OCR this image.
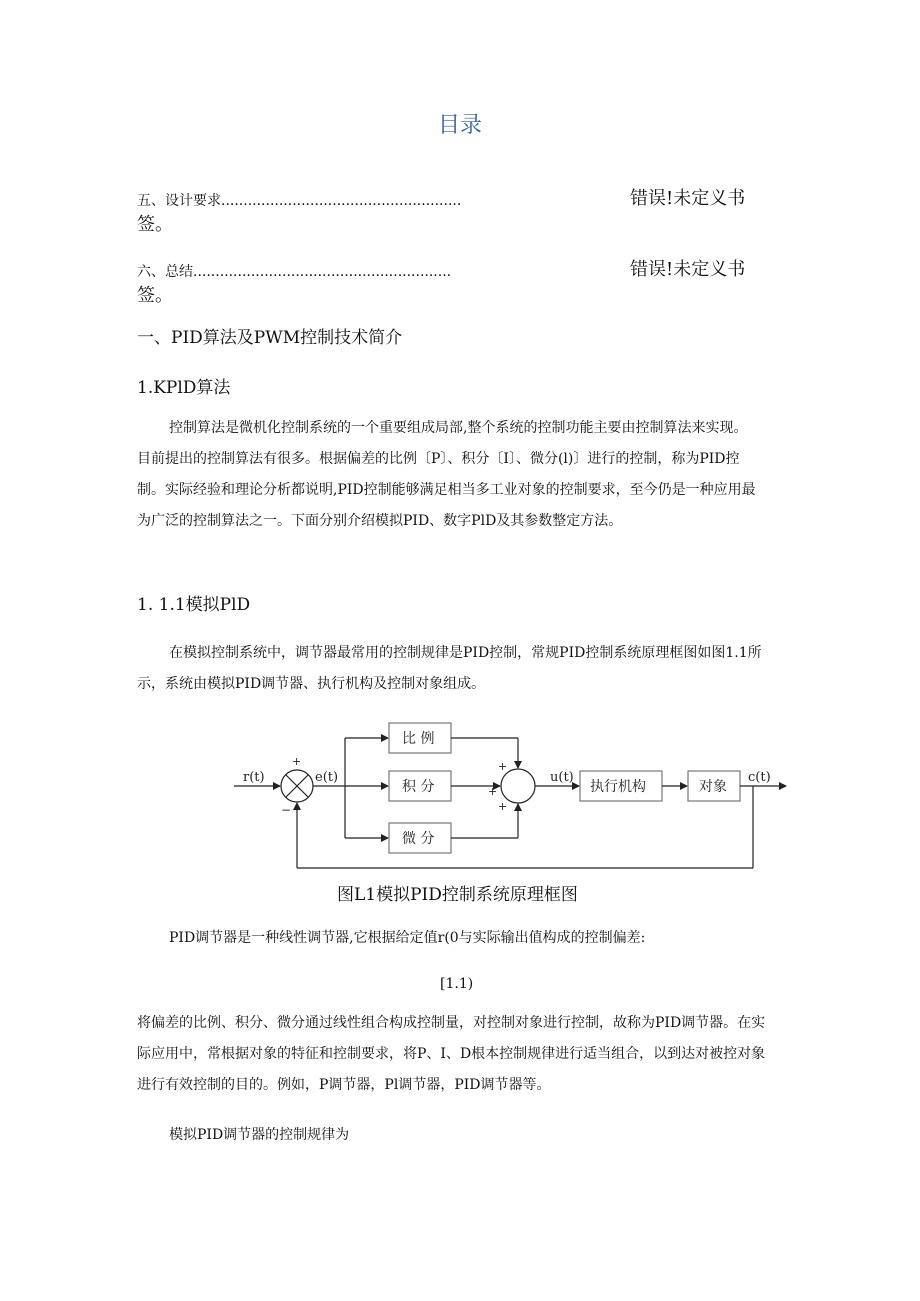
目录
五、设计要求......................................................	错误!未定义书
签。
六、总结..........................................................	错误!未定义书
签。
一、PID算法及PWM控制技术简介
1.KPlD算法

控制算法是微机化控制系统的一个重要组成局部,整个系统的控制功能主要由控制算法来实现。

目前提出的控制算法有很多。根据偏差的比例〔P〕、积分〔I〕、微分(l)〕进行的控制，称为PID控

制。实际经验和理论分析都说明,PID控制能够满足相当多工业对象的控制要求，至今仍是一种应用最

为广泛的控制算法之一。下面分别介绍模拟PID、数字PlD及其参数整定方法。

1. 1.1模拟PlD

在模拟控制系统中，调节器最常用的控制规律是PID控制，常规PID控制系统原理框图如图1.1所

示，系统由模拟PID调节器、执行机构及控制对象组成。

r(t)	e(t)	u(t)	c(t)
比 例
积 分
微 分
执行机构	对象
+
−
+
+
+
图L1模拟PID控制系统原理框图

PID调节器是一种线性调节器,它根据给定值r(0与实际输出值构成的控制偏差:

[1.1)

将偏差的比例、积分、微分通过线性组合构成控制量，对控制对象进行控制，故称为PID调节器。在实

际应用中，常根据对象的特征和控制要求，将P、I、D根本控制规律进行适当组合，以到达对被控对象

进行有效控制的目的。例如，P调节器，Pl调节器，PID调节器等。

模拟PID调节器的控制规律为
